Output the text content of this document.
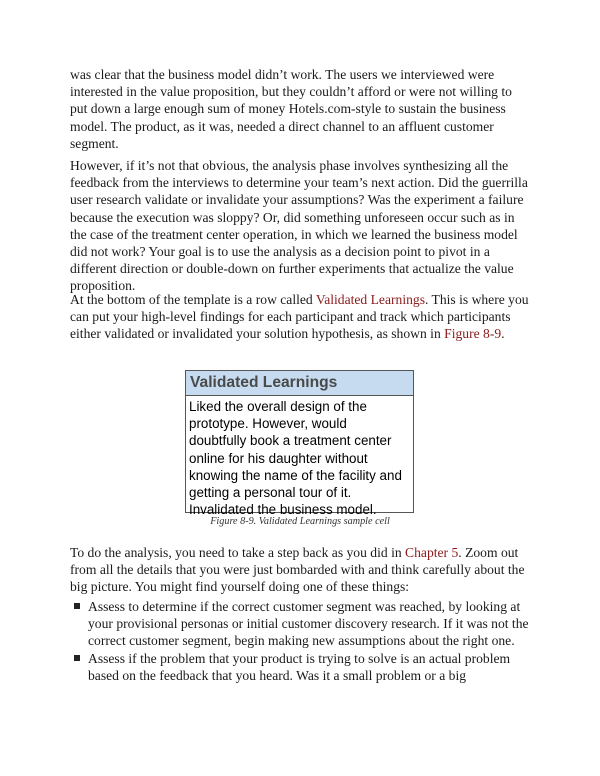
was clear that the business model didn’t work. The users we interviewed were interested in the value proposition, but they couldn’t afford or were not willing to put down a large enough sum of money Hotels.com-style to sustain the business model. The product, as it was, needed a direct channel to an affluent customer segment.

However, if it’s not that obvious, the analysis phase involves synthesizing all the feedback from the interviews to determine your team’s next action. Did the guerrilla user research validate or invalidate your assumptions? Was the experiment a failure because the execution was sloppy? Or, did something unforeseen occur such as in the case of the treatment center operation, in which we learned the business model did not work? Your goal is to use the analysis as a decision point to pivot in a different direction or double-down on further experiments that actualize the value proposition.

At the bottom of the template is a row called Validated Learnings. This is where you can put your high-level findings for each participant and track which participants either validated or invalidated your solution hypothesis, as shown in Figure 8-9.

Validated Learnings
Liked the overall design of the
prototype. However, would
doubtfully book a treatment center
online for his daughter without
knowing the name of the facility and
getting a personal tour of it.
Invalidated the business model.
Figure 8-9. Validated Learnings sample cell

To do the analysis, you need to take a step back as you did in Chapter 5. Zoom out from all the details that you were just bombarded with and think carefully about the big picture. You might find yourself doing one of these things:

Assess to determine if the correct customer segment was reached, by looking at your provisional personas or initial customer discovery research. If it was not the correct customer segment, begin making new assumptions about the right one.
Assess if the problem that your product is trying to solve is an actual problem based on the feedback that you heard. Was it a small problem or a big
